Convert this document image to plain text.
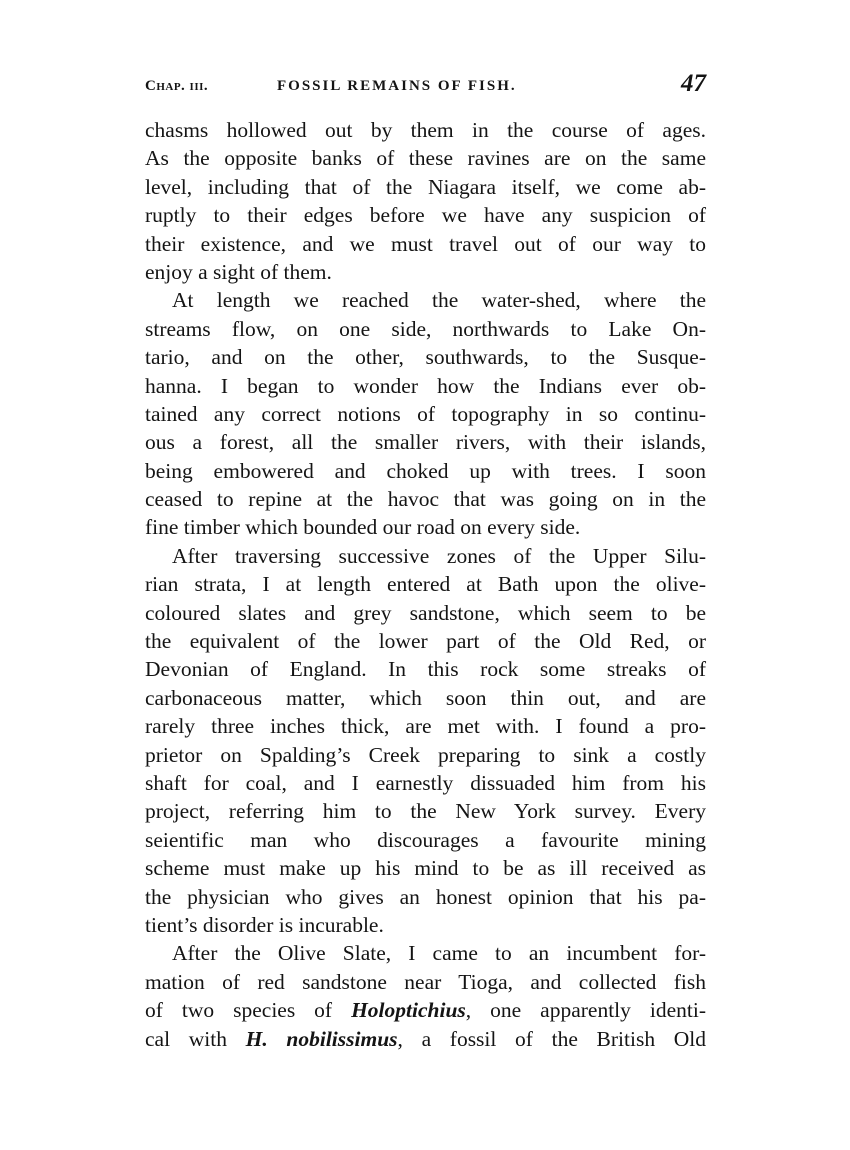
Chap. iii.	FOSSIL REMAINS OF FISH.	47
chasms hollowed out by them in the course of ages.
As the opposite banks of these ravines are on the same
level, including that of the Niagara itself, we come ab-
ruptly to their edges before we have any suspicion of
their existence, and we must travel out of our way to
enjoy a sight of them.
At length we reached the water-shed, where the
streams flow, on one side, northwards to Lake On-
tario, and on the other, southwards, to the Susque-
hanna. I began to wonder how the Indians ever ob-
tained any correct notions of topography in so continu-
ous a forest, all the smaller rivers, with their islands,
being embowered and choked up with trees. I soon
ceased to repine at the havoc that was going on in the
fine timber which bounded our road on every side.
After traversing successive zones of the Upper Silu-
rian strata, I at length entered at Bath upon the olive-
coloured slates and grey sandstone, which seem to be
the equivalent of the lower part of the Old Red, or
Devonian of England. In this rock some streaks of
carbonaceous matter, which soon thin out, and are
rarely three inches thick, are met with. I found a pro-
prietor on Spalding’s Creek preparing to sink a costly
shaft for coal, and I earnestly dissuaded him from his
project, referring him to the New York survey. Every
seientific man who discourages a favourite mining
scheme must make up his mind to be as ill received as
the physician who gives an honest opinion that his pa-
tient’s disorder is incurable.
After the Olive Slate, I came to an incumbent for-
mation of red sandstone near Tioga, and collected fish
of two species of Holoptichius, one apparently identi-
cal with H. nobilissimus, a fossil of the British Old
